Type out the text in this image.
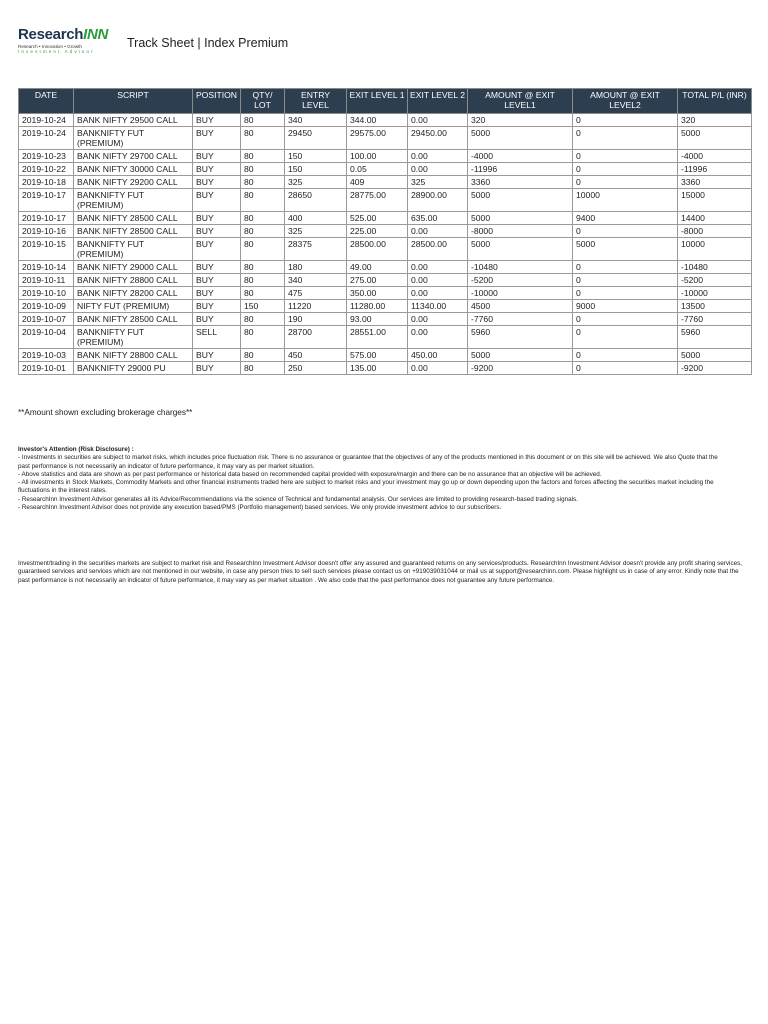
ResearchINN
Research • Innovation • Growth
Investment Advisor
Track Sheet | Index Premium
DATE	SCRIPT	POSITION	QTY/ LOT	ENTRY LEVEL	EXIT LEVEL 1	EXIT LEVEL 2	AMOUNT @ EXIT LEVEL1	AMOUNT @ EXIT LEVEL2	TOTAL P/L (INR)
2019-10-24	BANK NIFTY 29500 CALL	BUY	80	340	344.00	0.00	320	0	320
2019-10-24	BANKNIFTY FUT (PREMIUM)	BUY	80	29450	29575.00	29450.00	5000	0	5000
2019-10-23	BANK NIFTY 29700 CALL	BUY	80	150	100.00	0.00	-4000	0	-4000
2019-10-22	BANK NIFTY 30000 CALL	BUY	80	150	0.05	0.00	-11996	0	-11996
2019-10-18	BANK NIFTY 29200 CALL	BUY	80	325	409	325	3360	0	3360
2019-10-17	BANKNIFTY FUT (PREMIUM)	BUY	80	28650	28775.00	28900.00	5000	10000	15000
2019-10-17	BANK NIFTY 28500 CALL	BUY	80	400	525.00	635.00	5000	9400	14400
2019-10-16	BANK NIFTY 28500 CALL	BUY	80	325	225.00	0.00	-8000	0	-8000
2019-10-15	BANKNIFTY FUT (PREMIUM)	BUY	80	28375	28500.00	28500.00	5000	5000	10000
2019-10-14	BANK NIFTY 29000 CALL	BUY	80	180	49.00	0.00	-10480	0	-10480
2019-10-11	BANK NIFTY 28800 CALL	BUY	80	340	275.00	0.00	-5200	0	-5200
2019-10-10	BANK NIFTY 28200 CALL	BUY	80	475	350.00	0.00	-10000	0	-10000
2019-10-09	NIFTY FUT (PREMIUM)	BUY	150	11220	11280.00	11340.00	4500	9000	13500
2019-10-07	BANK NIFTY 28500 CALL	BUY	80	190	93.00	0.00	-7760	0	-7760
2019-10-04	BANKNIFTY FUT (PREMIUM)	SELL	80	28700	28551.00	0.00	5960	0	5960
2019-10-03	BANK NIFTY 28800 CALL	BUY	80	450	575.00	450.00	5000	0	5000
2019-10-01	BANKNIFTY 29000 PU	BUY	80	250	135.00	0.00	-9200	0	-9200
**Amount shown excluding brokerage charges**
Investor's Attention (Risk Disclosure) :
- Investments in securities are subject to market risks, which includes price fluctuation risk. There is no assurance or guarantee that the objectives of any of the products mentioned in this document or on this site will be achieved. We also Quote that the past performance is not necessarily an indicator of future performance, it may vary as per market situation.
- Above statistics and data are shown as per past performance or historical data based on recommended capital provided with exposure/margin and there can be no assurance that an objective will be achieved.
- All investments in Stock Markets, Commodity Markets and other financial instruments traded here are subject to market risks and your investment may go up or down depending upon the factors and forces affecting the securities market including the fluctuations in the interest rates.
- ResearchInn Investment Advisor generates all its Advice/Recommendations via the science of Technical and fundamental analysis. Our services are limited to providing research-based trading signals.
- ResearchInn Investment Advisor does not provide any execution based/PMS (Portfolio management) based services. We only provide investment advice to our subscribers.
Investment/trading in the securities markets are subject to market risk and ResearchInn Investment Advisor doesn't offer any assured and guaranteed returns on any services/products. ResearchInn Investment Advisor doesn't provide any profit sharing services, guaranteed services and services which are not mentioned in our website, in case any person tries to sell such services please contact us on +919039031044 or mail us at support@researchinn.com. Please highlight us in case of any error. Kindly note that the past performance is not necessarily an indicator of future performance, it may vary as per market situation . We also code that the past performance does not guarantee any future performance.
